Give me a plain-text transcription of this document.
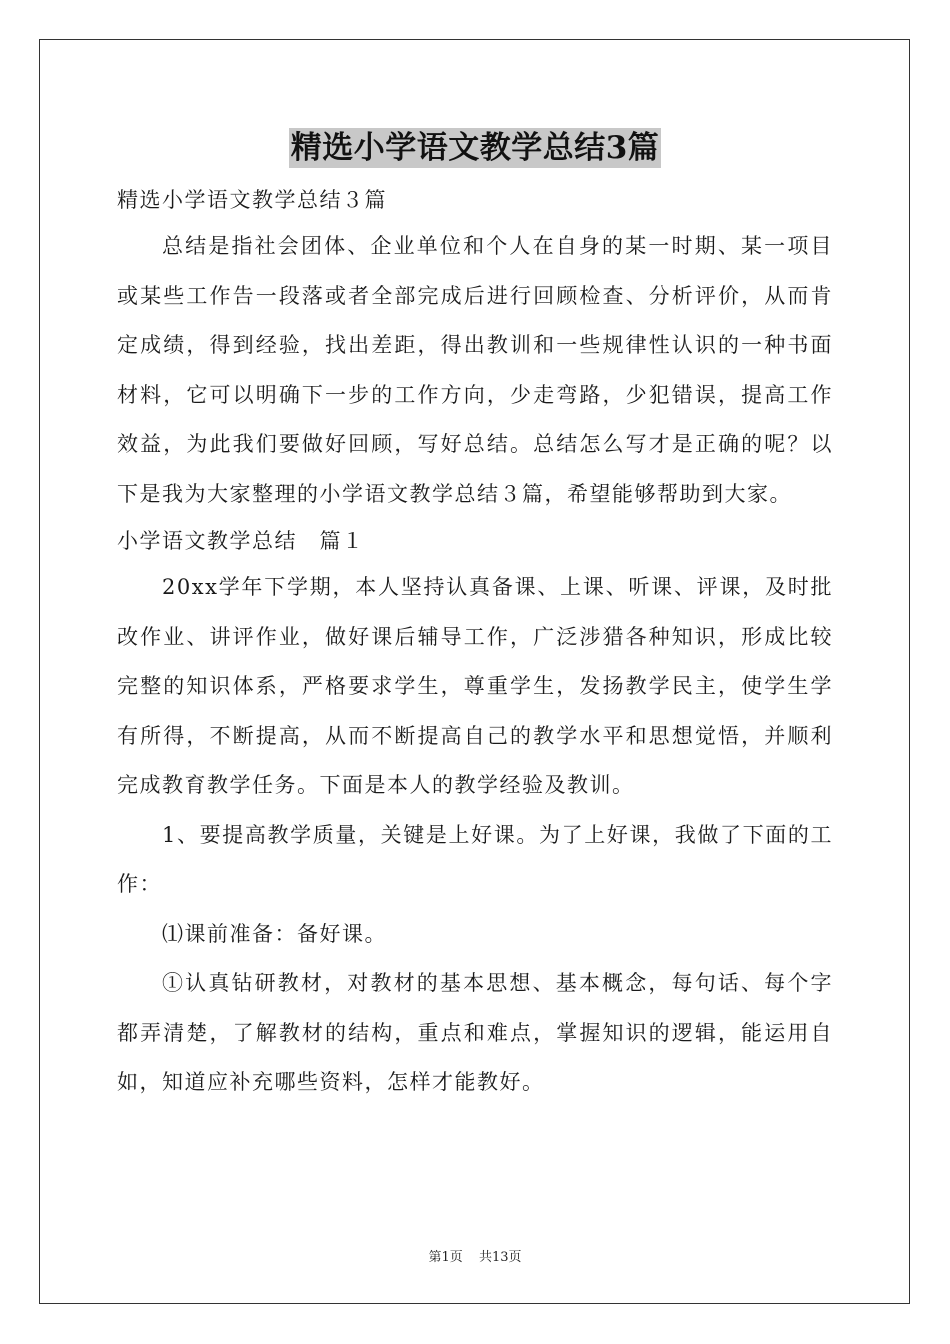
精选小学语文教学总结3篇
精选小学语文教学总结３篇

总结是指社会团体、企业单位和个人在自身的某一时期、某一项目或某些工作告一段落或者全部完成后进行回顾检查、分析评价，从而肯定成绩，得到经验，找出差距，得出教训和一些规律性认识的一种书面材料，它可以明确下一步的工作方向，少走弯路，少犯错误，提高工作效益，为此我们要做好回顾，写好总结。总结怎么写才是正确的呢？以下是我为大家整理的小学语文教学总结３篇，希望能够帮助到大家。

小学语文教学总结　篇１

20xx学年下学期，本人坚持认真备课、上课、听课、评课，及时批改作业、讲评作业，做好课后辅导工作，广泛涉猎各种知识，形成比较完整的知识体系，严格要求学生，尊重学生，发扬教学民主，使学生学有所得，不断提高，从而不断提高自己的教学水平和思想觉悟，并顺利完成教育教学任务。下面是本人的教学经验及教训。

1、要提高教学质量，关键是上好课。为了上好课，我做了下面的工作：

⑴课前准备：备好课。

①认真钻研教材，对教材的基本思想、基本概念，每句话、每个字都弄清楚，了解教材的结构，重点和难点，掌握知识的逻辑，能运用自如，知道应补充哪些资料，怎样才能教好。

第1页 共13页
